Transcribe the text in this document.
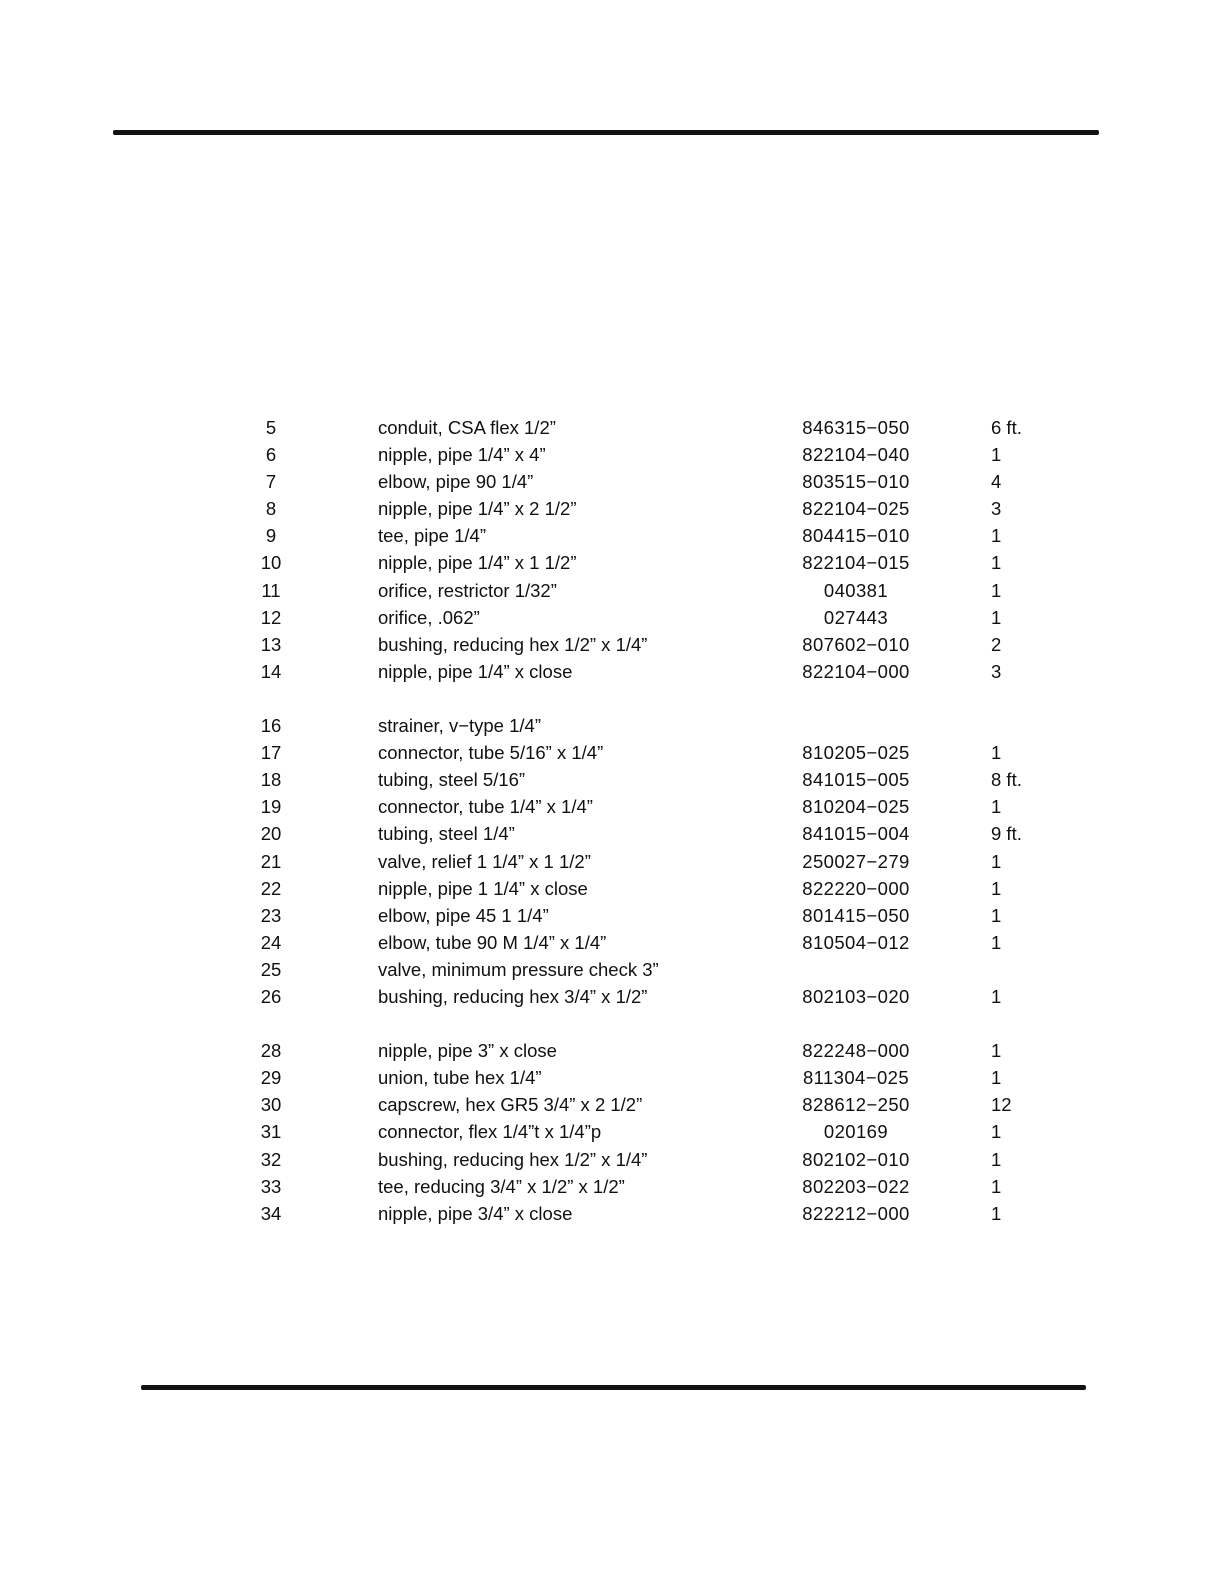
5	conduit, CSA flex 1/2”	846315−050	6 ft.
6	nipple, pipe 1/4” x 4”	822104−040	1
7	elbow, pipe 90 1/4”	803515−010	4
8	nipple, pipe 1/4” x 2 1/2”	822104−025	3
9	tee, pipe 1/4”	804415−010	1
10	nipple, pipe 1/4” x 1 1/2”	822104−015	1
11	orifice, restrictor 1/32”	040381	1
12	orifice, .062”	027443	1
13	bushing, reducing hex 1/2” x 1/4”	807602−010	2
14	nipple, pipe 1/4” x close	822104−000	3
16	strainer, v−type 1/4”
17	connector, tube 5/16” x 1/4”	810205−025	1
18	tubing, steel 5/16”	841015−005	8 ft.
19	connector, tube 1/4” x 1/4”	810204−025	1
20	tubing, steel 1/4”	841015−004	9 ft.
21	valve, relief 1 1/4” x 1 1/2”	250027−279	1
22	nipple, pipe 1 1/4” x close	822220−000	1
23	elbow, pipe 45 1 1/4”	801415−050	1
24	elbow, tube 90 M 1/4” x 1/4”	810504−012	1
25	valve, minimum pressure check 3”
26	bushing, reducing hex 3/4” x 1/2”	802103−020	1
28	nipple, pipe 3” x close	822248−000	1
29	union, tube hex 1/4”	811304−025	1
30	capscrew, hex GR5 3/4” x 2 1/2”	828612−250	12
31	connector, flex 1/4”t x 1/4”p	020169	1
32	bushing, reducing hex 1/2” x 1/4”	802102−010	1
33	tee, reducing 3/4” x 1/2” x 1/2”	802203−022	1
34	nipple, pipe 3/4” x close	822212−000	1
